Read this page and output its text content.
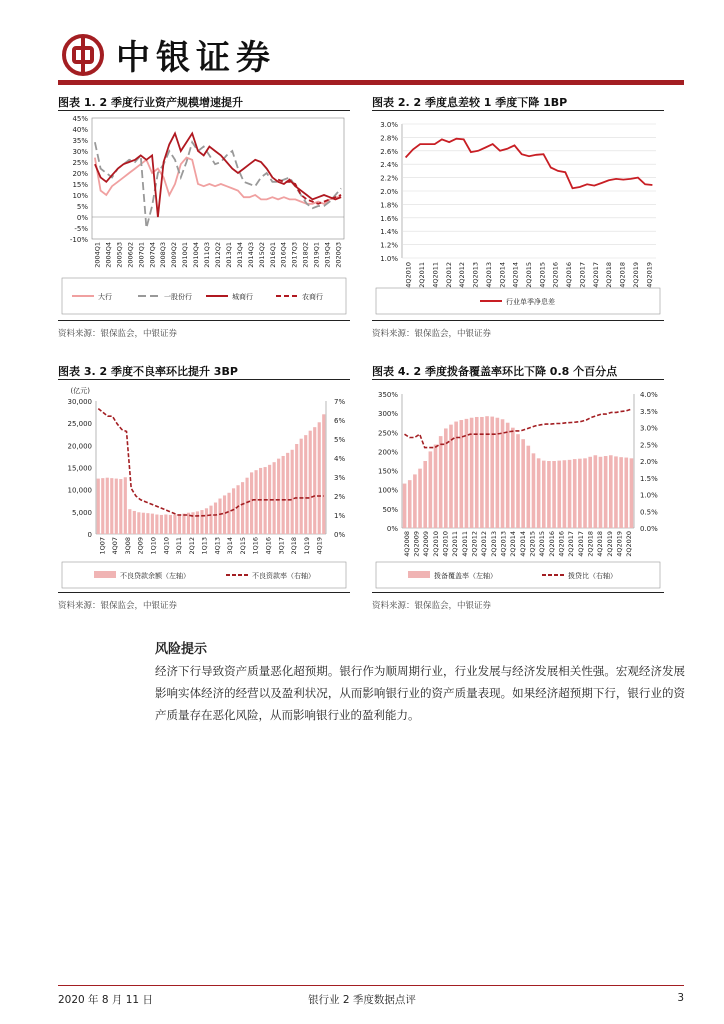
中银证券
图表 1. 2 季度行业资产规模增速提升
45%
40%
35%
30%
25%
20%
15%
10%
5%
0%
-5%
-10%
2004Q1 2004Q4 2005Q3 2006Q2 2007Q1 2007Q4 2008Q3 2009Q2 2010Q1 2010Q4 2011Q3 2012Q2 2013Q1 2013Q4 2014Q3 2015Q2 2016Q1 2016Q4 2017Q3 2018Q2 2019Q1 2019Q4 2020Q3
大行	一股份行	城商行	农商行
资料来源：银保监会，中银证券
图表 2. 2 季度息差较 1 季度下降 1BP
3.0%
2.8%
2.6%
2.4%
2.2%
2.0%
1.8%
1.6%
1.4%
1.2%
1.0%
4Q2010 2Q2011 4Q2011 2Q2012 4Q2012 2Q2013 4Q2013 2Q2014 4Q2014 2Q2015 4Q2015 2Q2016 4Q2016 2Q2017 4Q2017 2Q2018 4Q2018 2Q2019 4Q2019
行业单季净息差
资料来源：银保监会，中银证券
图表 3. 2 季度不良率环比提升 3BP
(亿元)
30,000
25,000
20,000
15,000
10,000
5,000
0
7%
6%
5%
4%
3%
2%
1%
0%
1Q07 4Q07 3Q08 2Q09 1Q10 4Q10 3Q11 2Q12 1Q13 4Q13 3Q14 2Q15 1Q16 4Q16 3Q17 2Q18 1Q19 4Q19
不良贷款余额（左轴）	不良资款率（右轴）
资料来源：银保监会，中银证券
图表 4. 2 季度拨备覆盖率环比下降 0.8 个百分点
350%
300%
250%
200%
150%
100%
50%
0%
4.0%
3.5%
3.0%
2.5%
2.0%
1.5%
1.0%
0.5%
0.0%
4Q2008 2Q2009 4Q2009 2Q2010 4Q2010 2Q2011 4Q2011 2Q2012 4Q2012 2Q2013 4Q2013 2Q2014 4Q2014 2Q2015 4Q2015 2Q2016 4Q2016 2Q2017 4Q2017 2Q2018 4Q2018 2Q2019 4Q2019 2Q2020
拨备覆盖率（左轴）	拨贷比（右轴）
资料来源：银保监会，中银证券
风险提示
经济下行导致资产质量恶化超预期。银行作为顺周期行业，行业发展与经济发展相关性强。宏观经济发展影响实体经济的经营以及盈利状况，从而影响银行业的资产质量表现。如果经济超预期下行，银行业的资产质量存在恶化风险，从而影响银行业的盈利能力。
2020 年 8 月 11 日	银行业 2 季度数据点评	3
